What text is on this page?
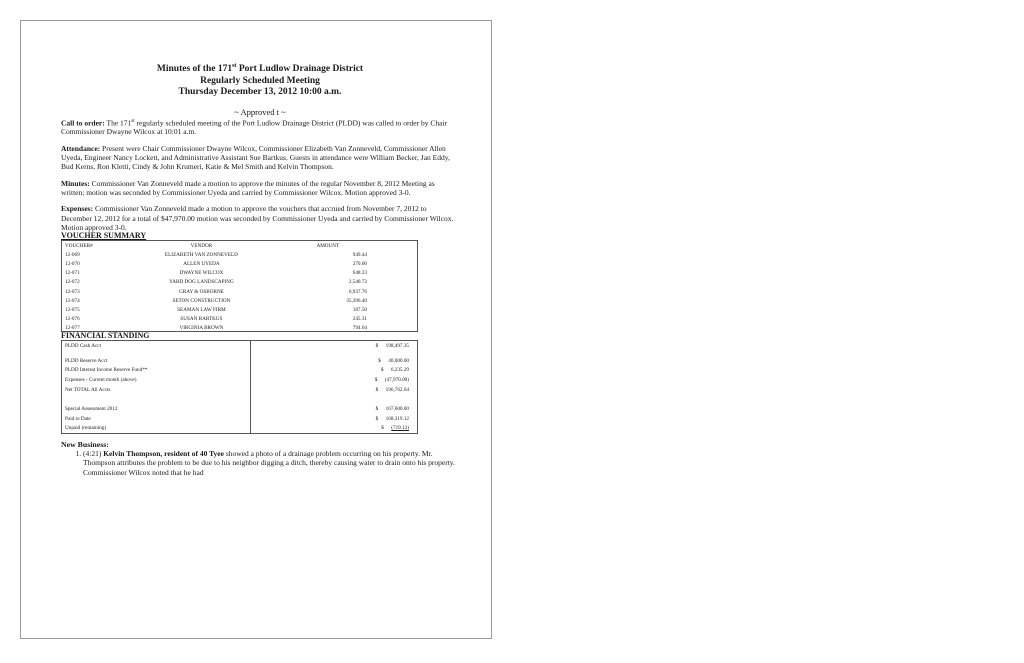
Minutes of the 171st Port Ludlow Drainage District
Regularly Scheduled Meeting
Thursday December 13, 2012 10:00 a.m.
~ Approved t ~

Call to order: The 171st regularly scheduled meeting of the Port Ludlow Drainage District (PLDD) was called to order by Chair Commissioner Dwayne Wilcox at 10:01 a.m.

Attendance: Present were Chair Commissioner Dwayne Wilcox, Commissioner Elizabeth Van Zonneveld, Commissioner Allen Uyeda, Engineer Nancy Lockett, and Administrative Assistant Sue Bartkus. Guests in attendance were William Becker, Jan Eddy, Bud Kerns, Ron Kletti, Cindy & John Krumeri, Katie & Mel Smith and Kelvin Thompson.

Minutes: Commissioner Van Zonneveld made a motion to approve the minutes of the regular November 8, 2012 Meeting as written; motion was seconded by Commissioner Uyeda and carried by Commissioner Wilcox. Motion approved 3-0.

Expenses: Commissioner Van Zonneveld made a motion to approve the vouchers that accrued from November 7, 2012 to December 12, 2012 for a total of $47,970.00 motion was seconded by Commissioner Uyeda and carried by Commissioner Wilcox. Motion approved 3-0.

VOUCHER SUMMARY
VOUCHER#	VENDOR	AMOUNT
12-069	ELIZABETH VAN ZONNEVELD	949.44
12-070	ALLEN UYEDA	270.00
12-071	DWAYNE WILCOX	648.23
12-072	YARD DOG LANDSCAPING	2,540.72
12-073	GRAY & OSBORNE	6,937.76
12-074	SETON CONSTRUCTION	35,396.40
12-075	SEAMAN LAW FIRM	187.50
12-076	SUSAN BARTKUS	245.31
12-077	VIRGINIA BROWN	794.64
FINANCIAL STANDING
PLDD Cash Acct	$ 198,497.35

PLDD Reserve Acct	$ 40,000.00
PLDD Interest Income Reserve Fund**	$ 6,235.29
Expenses - Current month (above)	$ (47,970.00)
Net TOTAL All Accts	$ 196,762.64

Special Assessment 2012	$ 167,600.00
Paid to Date	$ 168,319.12
Unpaid (remaining)	$ (719.12)
New Business:
1. (4:21) Kelvin Thompson, resident of 40 Tyee showed a photo of a drainage problem occurring on his property. Mr. Thompson attributes the problem to be due to his neighbor digging a ditch, thereby causing water to drain onto his property. Commissioner Wilcox noted that he had
